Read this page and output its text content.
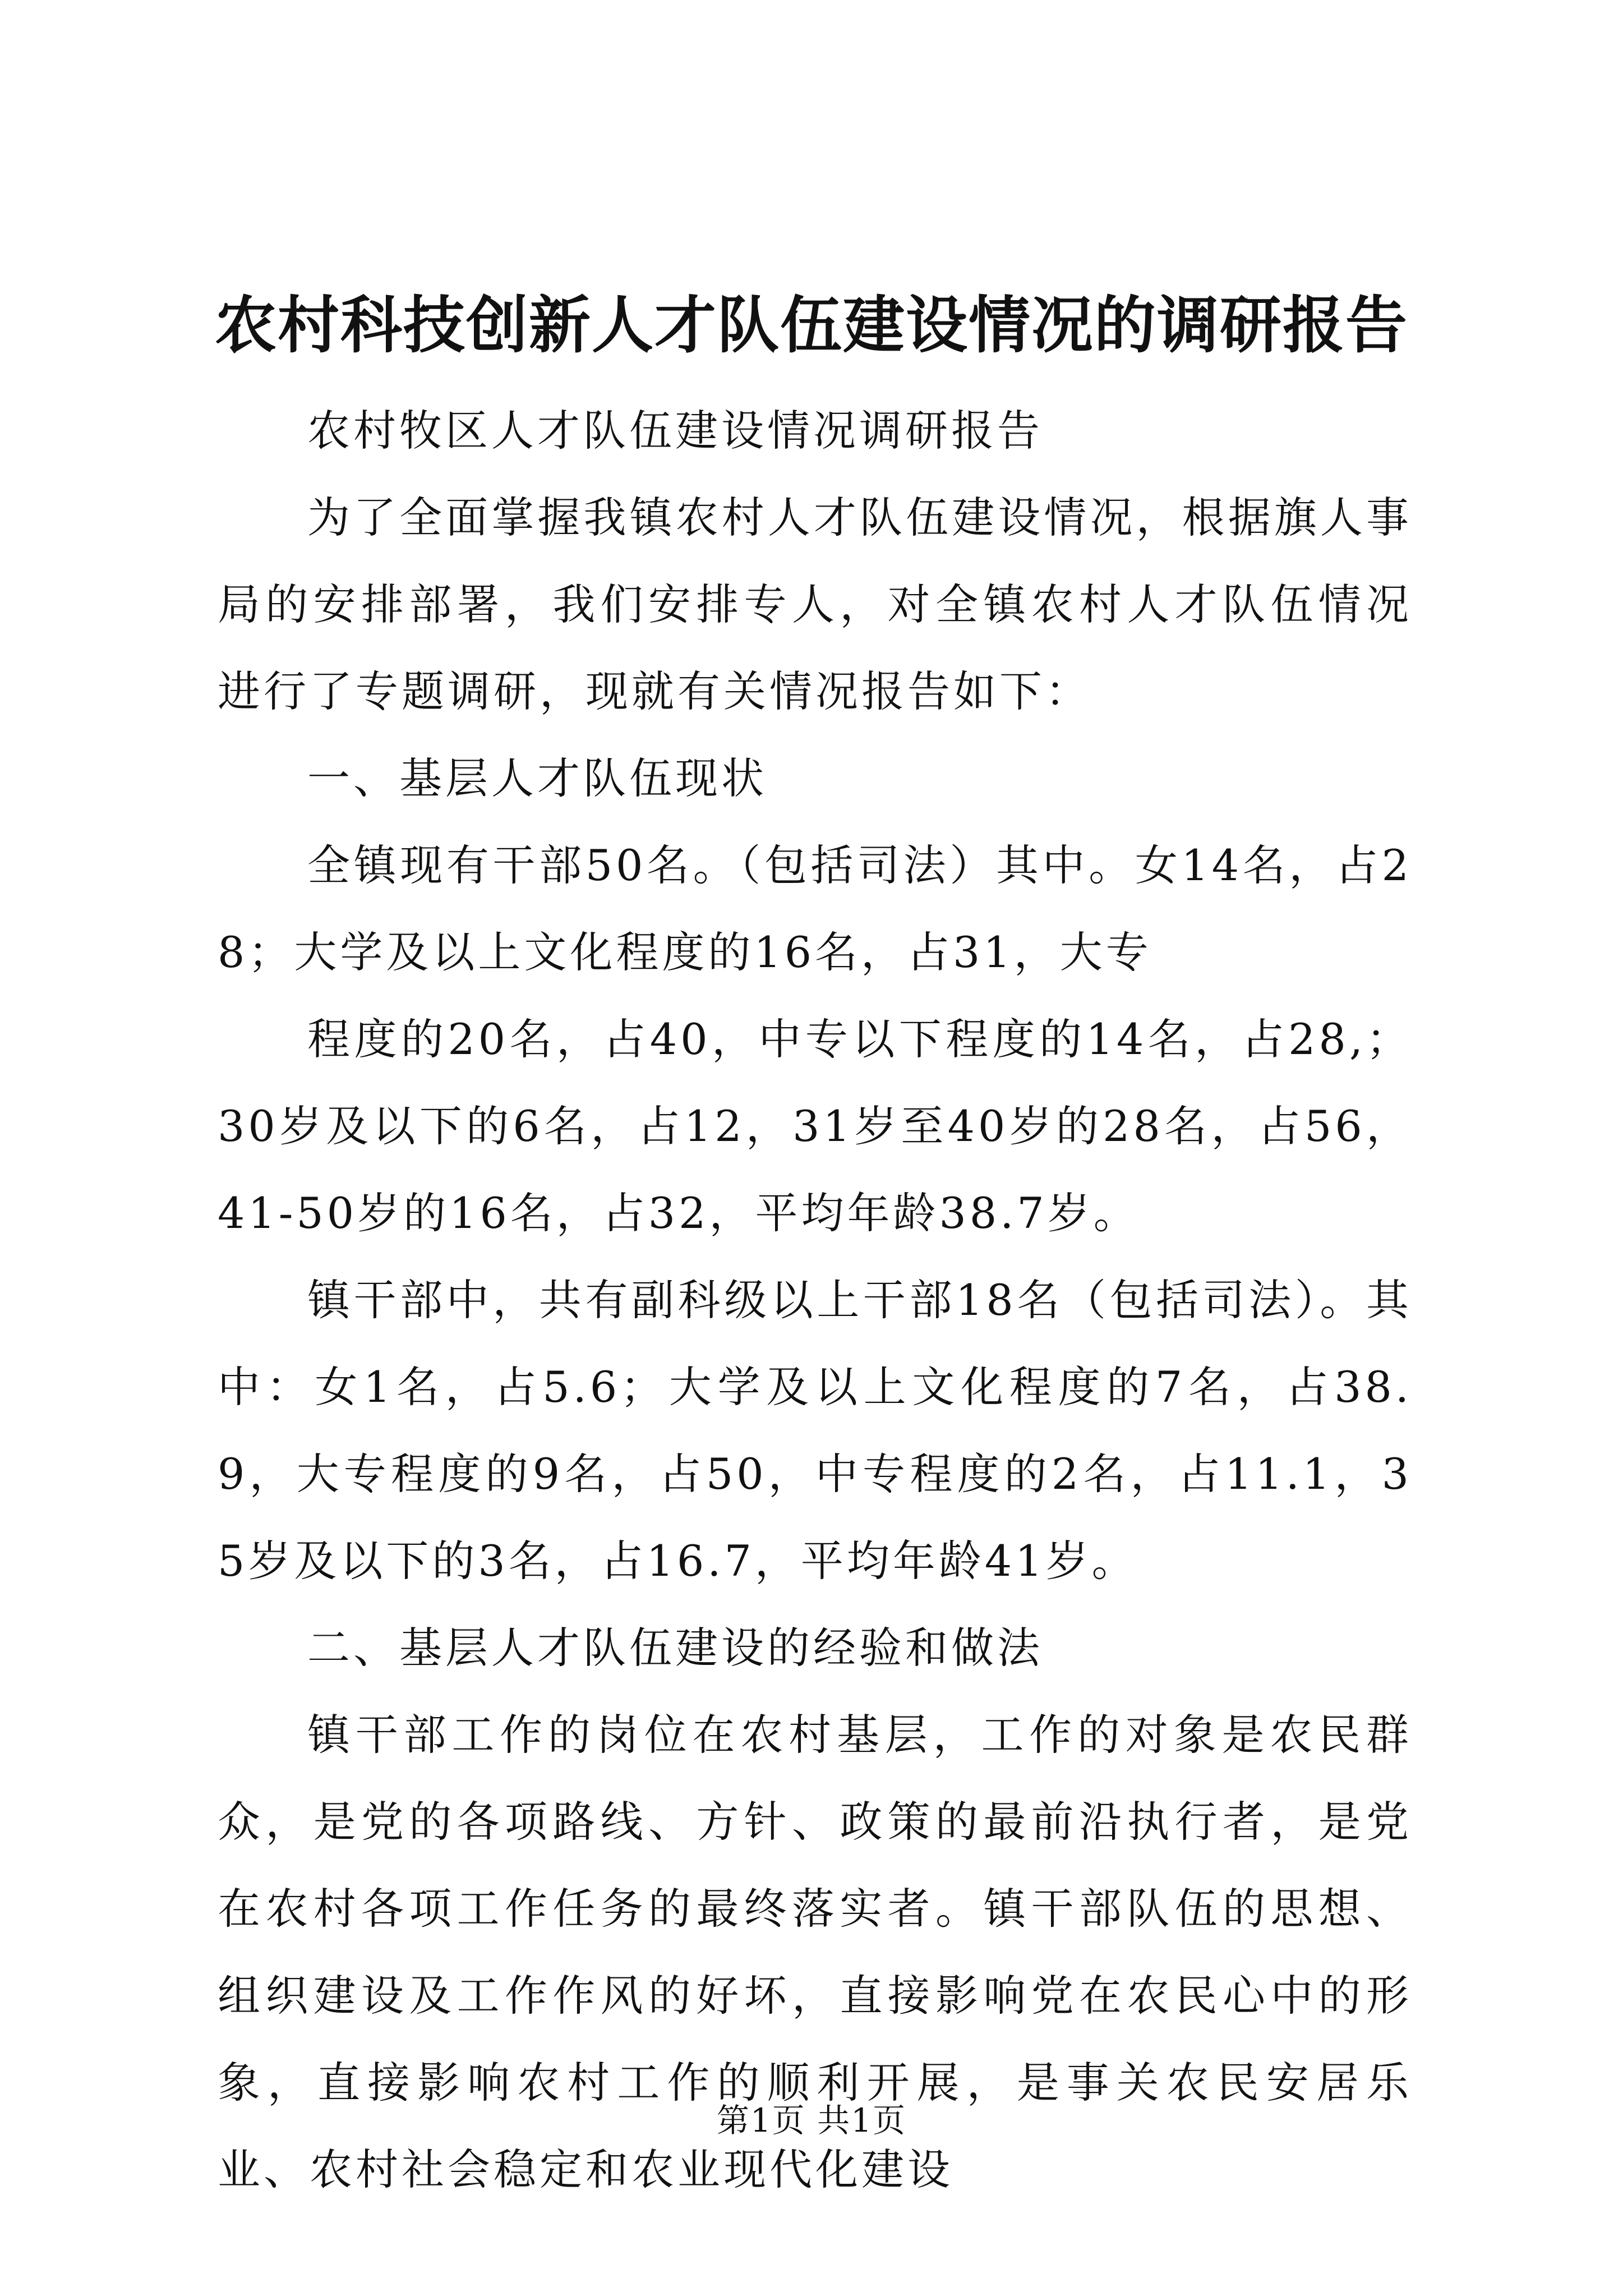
农村科技创新人才队伍建设情况的调研报告

农村牧区人才队伍建设情况调研报告

为了全面掌握我镇农村人才队伍建设情况，根据旗人事局的安排部署，我们安排专人，对全镇农村人才队伍情况进行了专题调研，现就有关情况报告如下：

一、基层人才队伍现状

全镇现有干部50名。（包括司法）其中。女14名，占28；大学及以上文化程度的16名，占31，大专

程度的20名，占40，中专以下程度的14名，占28,；30岁及以下的6名，占12，31岁至40岁的28名，占56，41-50岁的16名，占32，平均年龄38.7岁。

镇干部中，共有副科级以上干部18名（包括司法）。其中：女1名，占5.6；大学及以上文化程度的7名，占38.9，大专程度的9名，占50，中专程度的2名，占11.1，35岁及以下的3名，占16.7，平均年龄41岁。

二、基层人才队伍建设的经验和做法

镇干部工作的岗位在农村基层，工作的对象是农民群众，是党的各项路线、方针、政策的最前沿执行者，是党在农村各项工作任务的最终落实者。镇干部队伍的思想、组织建设及工作作风的好坏，直接影响党在农民心中的形象，直接影响农村工作的顺利开展，是事关农民安居乐业、农村社会稳定和农业现代化建设

第1页 共1页
